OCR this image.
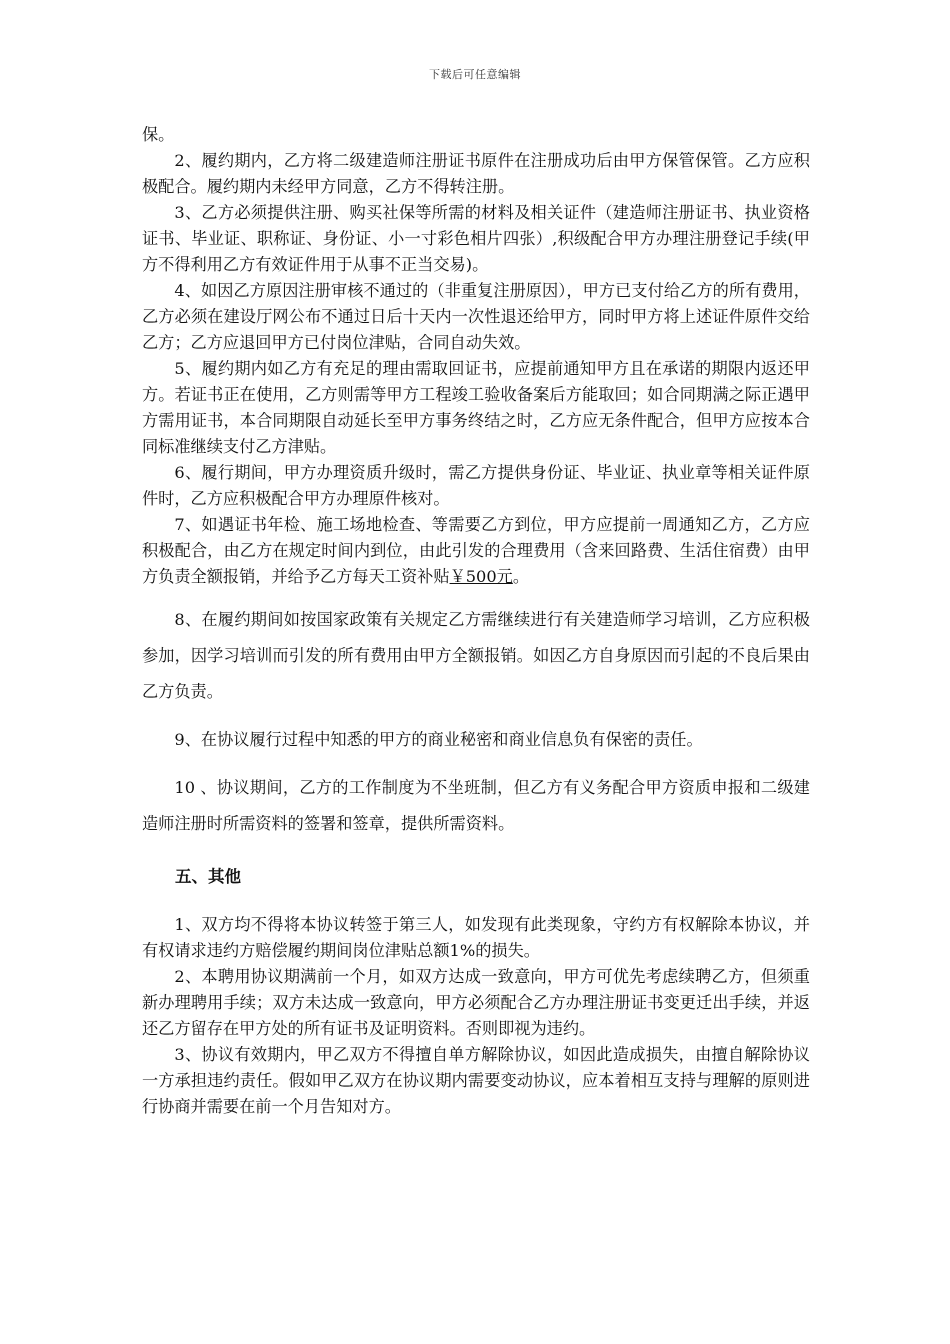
下载后可任意编辑

保。

2、履约期内，乙方将二级建造师注册证书原件在注册成功后由甲方保管保管。乙方应积极配合。履约期内未经甲方同意，乙方不得转注册。

3、乙方必须提供注册、购买社保等所需的材料及相关证件（建造师注册证书、执业资格证书、毕业证、职称证、身份证、小一寸彩色相片四张）,积级配合甲方办理注册登记手续(甲方不得利用乙方有效证件用于从事不正当交易)。

4、如因乙方原因注册审核不通过的（非重复注册原因），甲方已支付给乙方的所有费用，乙方必须在建设厅网公布不通过日后十天内一次性退还给甲方，同时甲方将上述证件原件交给乙方；乙方应退回甲方已付岗位津贴，合同自动失效。

5、履约期内如乙方有充足的理由需取回证书，应提前通知甲方且在承诺的期限内返还甲方。若证书正在使用，乙方则需等甲方工程竣工验收备案后方能取回；如合同期满之际正遇甲方需用证书，本合同期限自动延长至甲方事务终结之时，乙方应无条件配合，但甲方应按本合同标准继续支付乙方津贴。

6、履行期间，甲方办理资质升级时，需乙方提供身份证、毕业证、执业章等相关证件原件时，乙方应积极配合甲方办理原件核对。

7、如遇证书年检、施工场地检查、等需要乙方到位，甲方应提前一周通知乙方，乙方应积极配合，由乙方在规定时间内到位，由此引发的合理费用（含来回路费、生活住宿费）由甲方负责全额报销，并给予乙方每天工资补贴￥500元。

8、在履约期间如按国家政策有关规定乙方需继续进行有关建造师学习培训，乙方应积极参加，因学习培训而引发的所有费用由甲方全额报销。如因乙方自身原因而引起的不良后果由乙方负责。

9、在协议履行过程中知悉的甲方的商业秘密和商业信息负有保密的责任。

10 、协议期间，乙方的工作制度为不坐班制，但乙方有义务配合甲方资质申报和二级建造师注册时所需资料的签署和签章，提供所需资料。

五、其他

1、双方均不得将本协议转签于第三人，如发现有此类现象，守约方有权解除本协议，并有权请求违约方赔偿履约期间岗位津贴总额1%的损失。

2、本聘用协议期满前一个月，如双方达成一致意向，甲方可优先考虑续聘乙方，但须重新办理聘用手续；双方未达成一致意向，甲方必须配合乙方办理注册证书变更迁出手续，并返还乙方留存在甲方处的所有证书及证明资料。否则即视为违约。

3、协议有效期内，甲乙双方不得擅自单方解除协议，如因此造成损失，由擅自解除协议一方承担违约责任。假如甲乙双方在协议期内需要变动协议，应本着相互支持与理解的原则进行协商并需要在前一个月告知对方。
